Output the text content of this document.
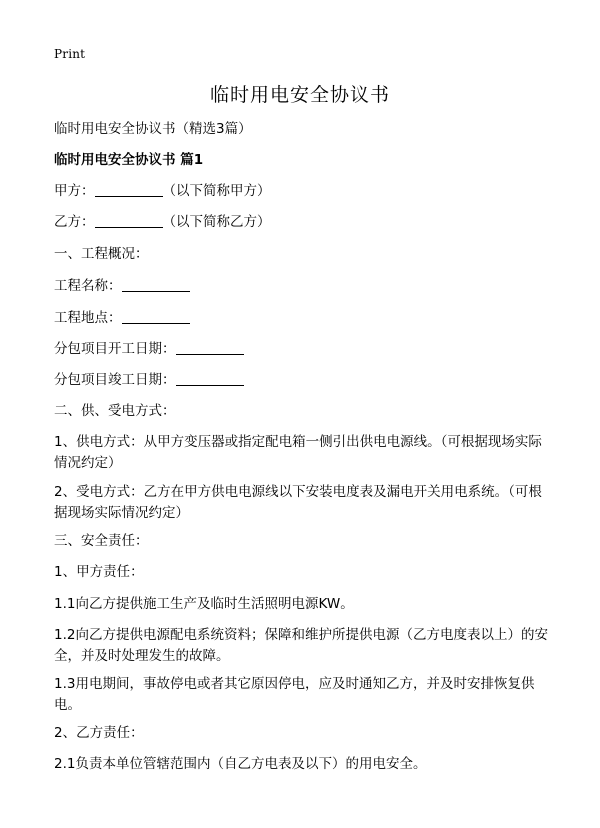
Print
临时用电安全协议书
临时用电安全协议书（精选3篇）
临时用电安全协议书 篇1
甲方：	（以下简称甲方）
乙方：	（以下简称乙方）
一、工程概况：
工程名称：
工程地点：
分包项目开工日期：
分包项目竣工日期：
二、供、受电方式：
1、供电方式：从甲方变压器或指定配电箱一侧引出供电电源线。（可根据现场实际情况约定）
2、受电方式：乙方在甲方供电电源线以下安装电度表及漏电开关用电系统。（可根据现场实际情况约定）
三、安全责任：
1、甲方责任：
1.1向乙方提供施工生产及临时生活照明电源KW。
1.2向乙方提供电源配电系统资料；保障和维护所提供电源（乙方电度表以上）的安全，并及时处理发生的故障。
1.3用电期间，事故停电或者其它原因停电，应及时通知乙方，并及时安排恢复供电。
2、乙方责任：
2.1负责本单位管辖范围内（自乙方电表及以下）的用电安全。
